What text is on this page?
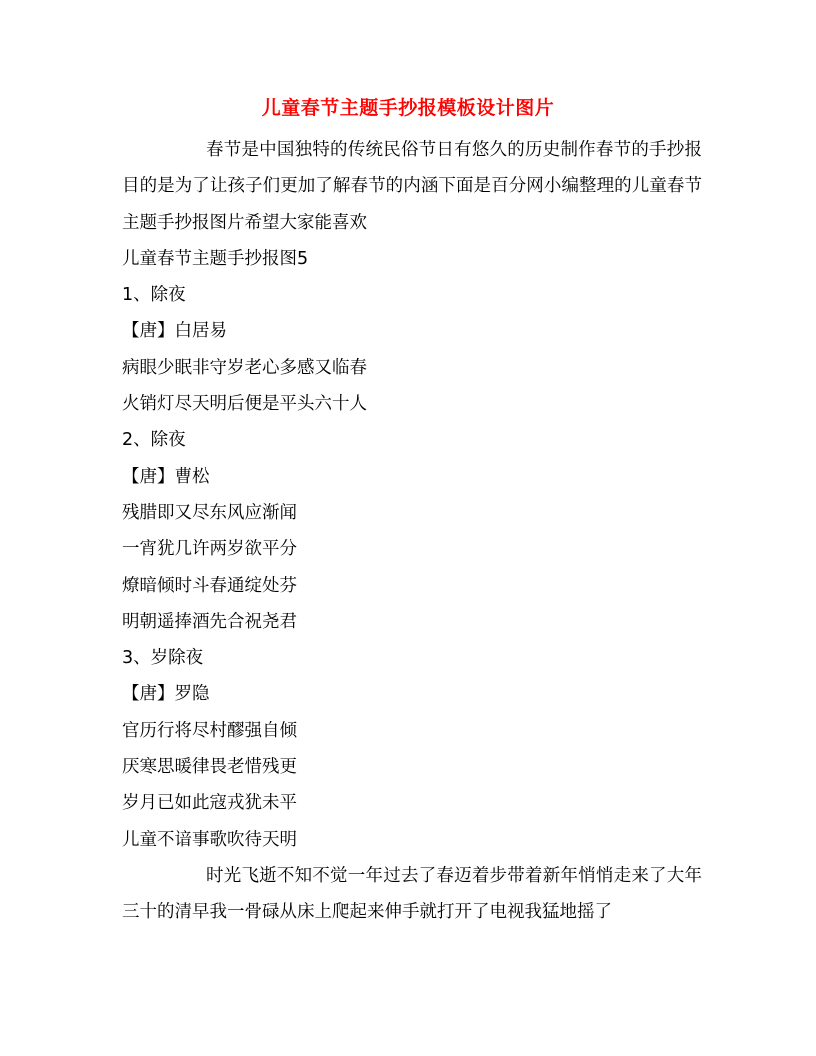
儿童春节主题手抄报模板设计图片

春节是中国独特的传统民俗节日有悠久的历史制作春节的手抄报目的是为了让孩子们更加了解春节的内涵下面是百分网小编整理的儿童春节主题手抄报图片希望大家能喜欢

儿童春节主题手抄报图5

1、除夜

【唐】白居易

病眼少眠非守岁老心多感又临春

火销灯尽天明后便是平头六十人

2、除夜

【唐】曹松

残腊即又尽东风应渐闻

一宵犹几许两岁欲平分

燎暗倾时斗春通绽处芬

明朝遥捧酒先合祝尧君

3、岁除夜

【唐】罗隐

官历行将尽村醪强自倾

厌寒思暖律畏老惜残更

岁月已如此寇戎犹未平

儿童不谙事歌吹待天明

时光飞逝不知不觉一年过去了春迈着步带着新年悄悄走来了大年三十的清早我一骨碌从床上爬起来伸手就打开了电视我猛地摇了
